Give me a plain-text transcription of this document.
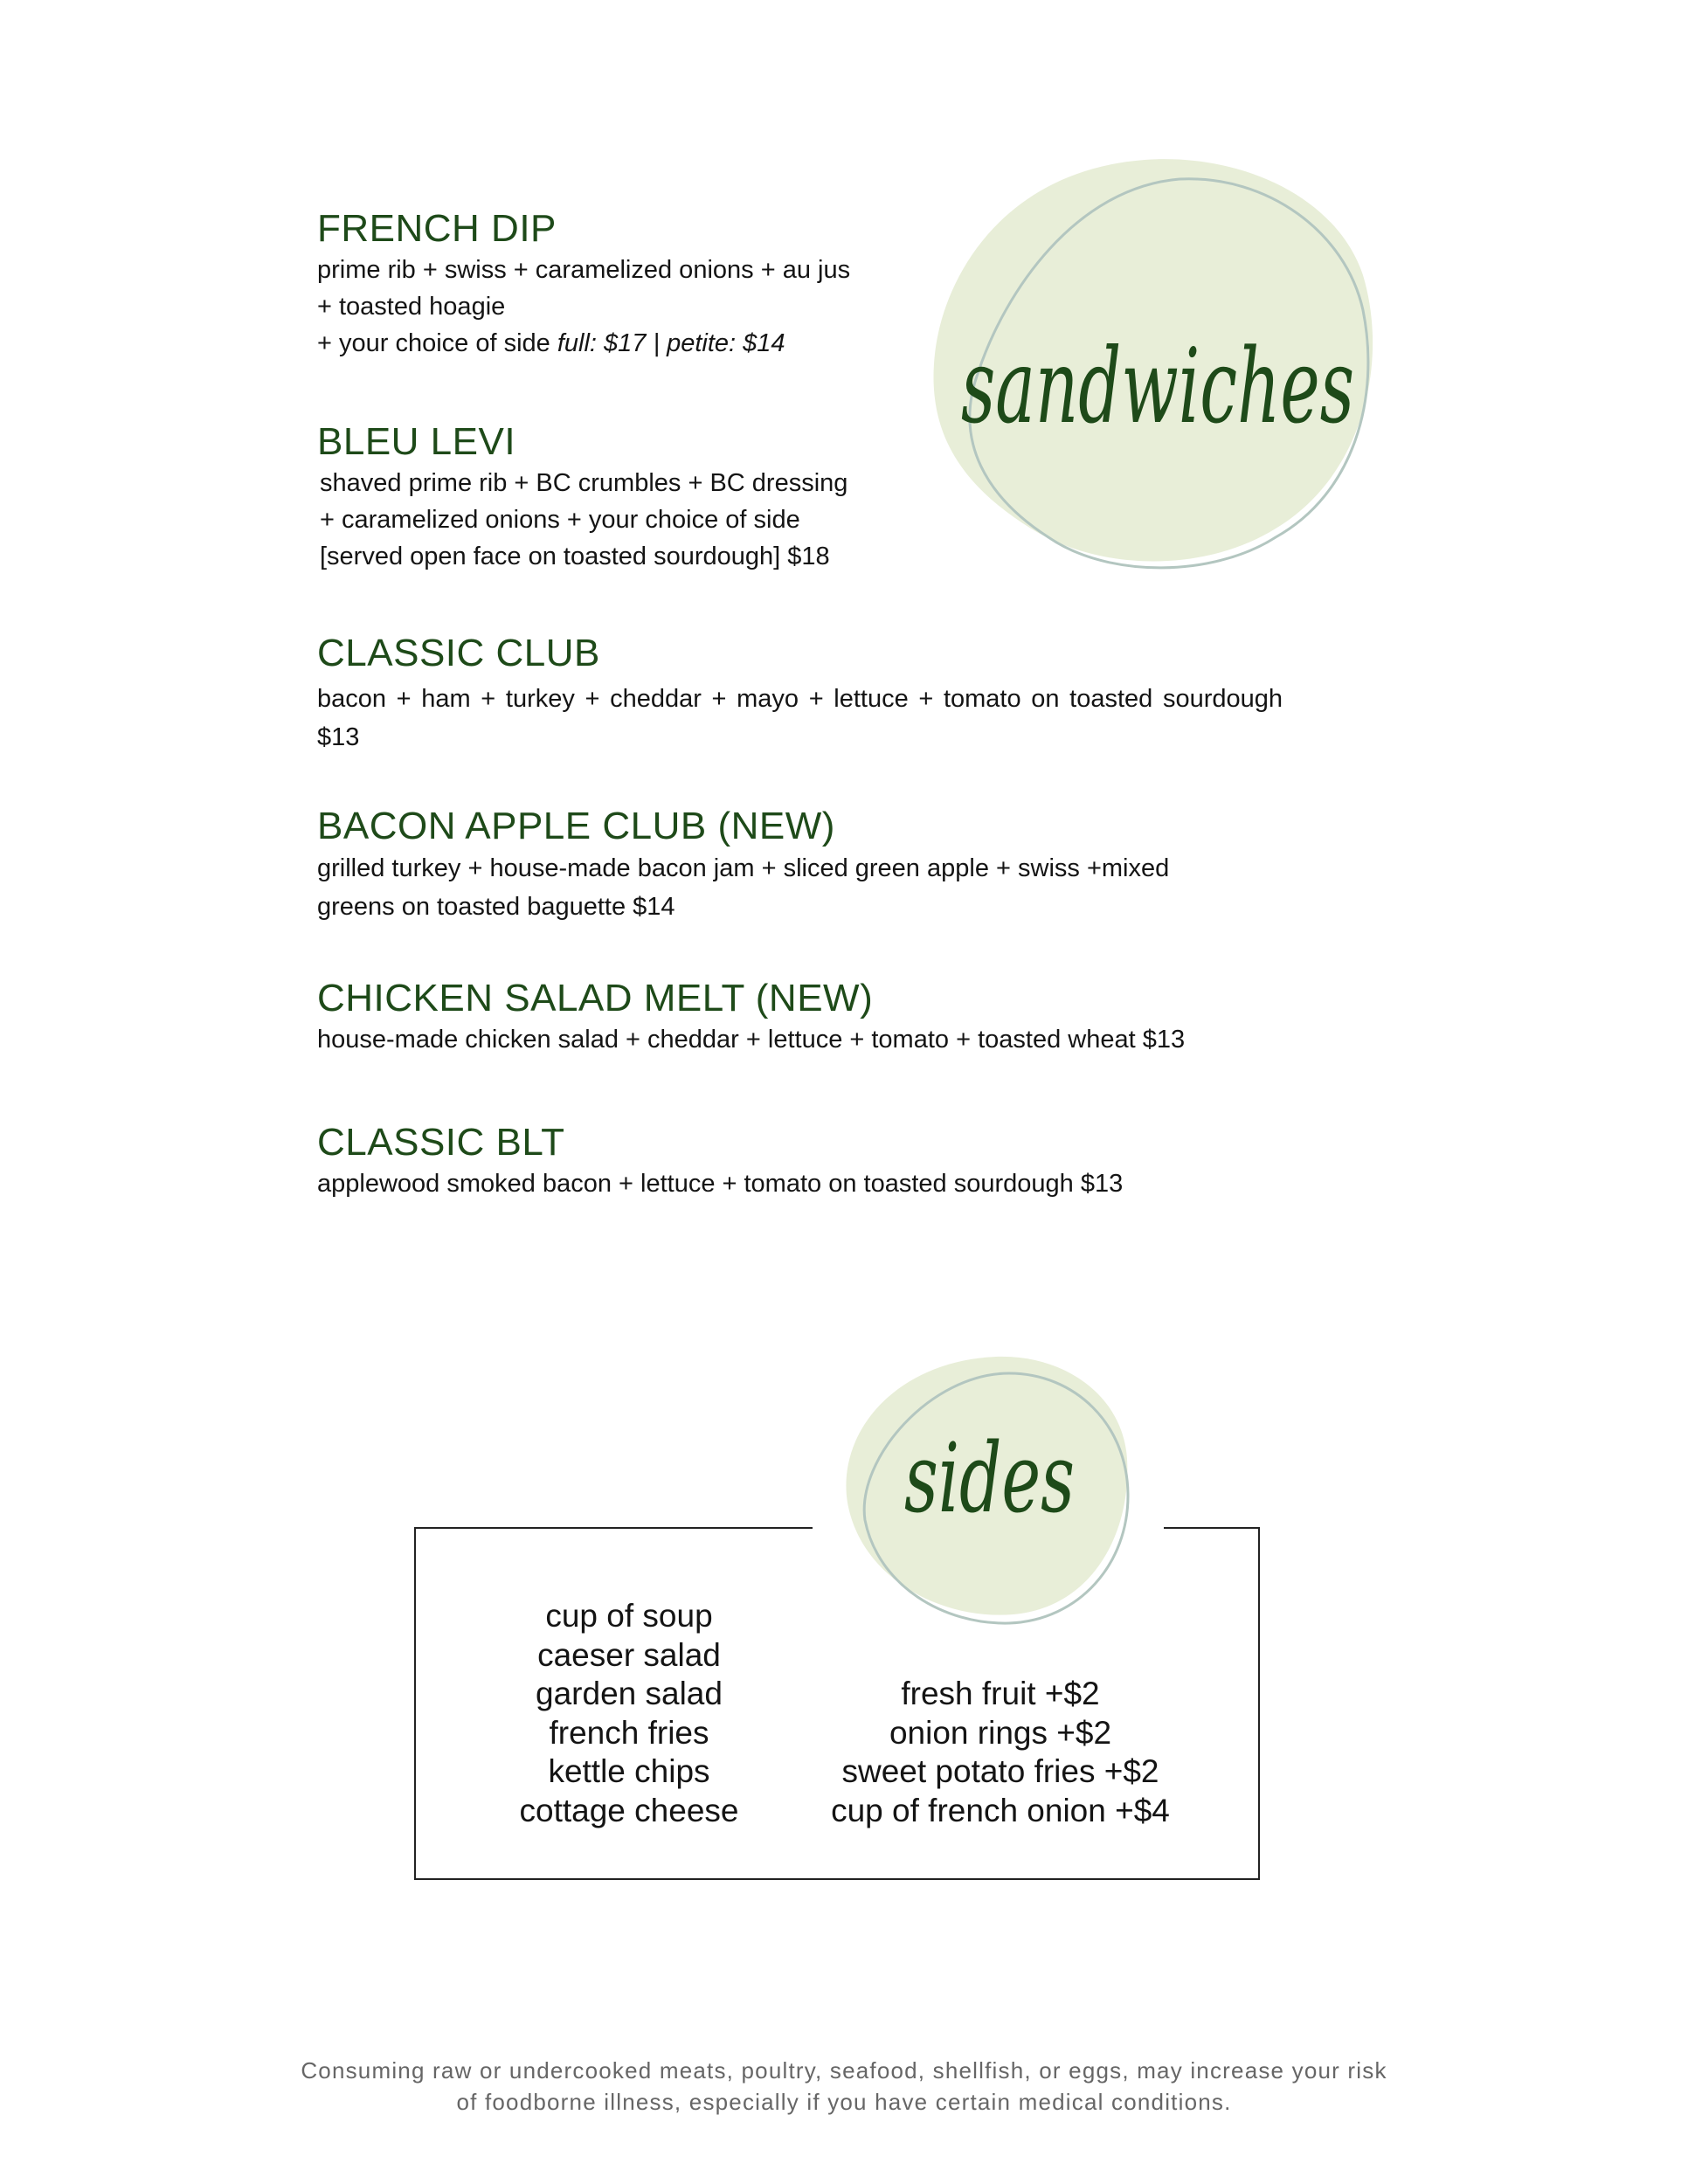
sandwiches
FRENCH DIP

prime rib + swiss + caramelized onions + au jus
+ toasted hoagie
+ your choice of side full: $17 | petite: $14

BLEU LEVI

shaved prime rib + BC crumbles + BC dressing
+ caramelized onions + your choice of side
[served open face on toasted sourdough] $18

CLASSIC CLUB

bacon + ham + turkey + cheddar + mayo + lettuce + tomato on toasted sourdough $13

BACON APPLE CLUB (NEW)

grilled turkey + house-made bacon jam + sliced green apple + swiss +mixed
greens on toasted baguette $14

CHICKEN SALAD MELT (NEW)

house-made chicken salad + cheddar + lettuce + tomato + toasted wheat $13

CLASSIC BLT

applewood smoked bacon + lettuce + tomato on toasted sourdough $13

sides
cup of soup
caeser salad
garden salad
french fries
kettle chips
cottage cheese
fresh fruit +$2
onion rings +$2
sweet potato fries +$2
cup of french onion +$4
Consuming raw or undercooked meats, poultry, seafood, shellfish, or eggs, may increase your risk
of foodborne illness, especially if you have certain medical conditions.
